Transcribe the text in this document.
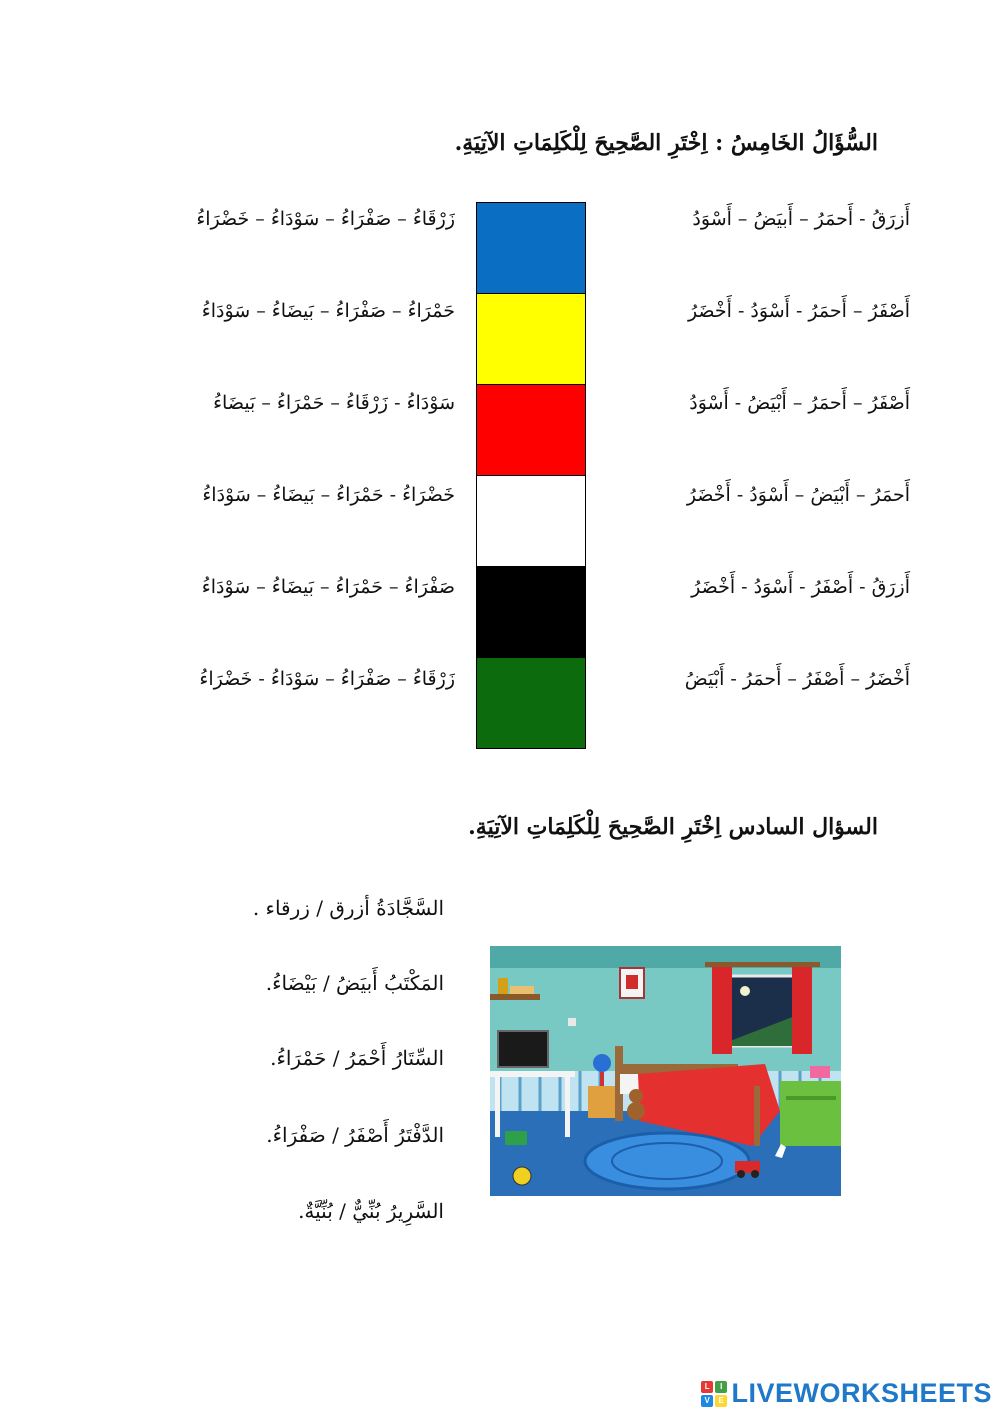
السُّؤَالُ الخَامِسُ : اِخْتَرِ الصَّحِيحَ لِلْكَلِمَاتِ الآتِيَةِ.
أَزرَقُ - أَحمَرُ – أَبيَضُ – أَسْوَدُ
أَصْفَرُ – أَحمَرُ - أَسْوَدُ - أَخْضَرُ
أَصْفَرُ – أَحمَرُ – أَبْيَضُ - أَسْوَدُ
أَحمَرُ – أَبْيَضُ – أَسْوَدُ - أَخْضَرُ
أَزرَقُ - أَصْفَرُ - أَسْوَدُ - أَخْضَرُ
أَخْضَرُ – أَصْفَرُ – أَحمَرُ - أَبْيَضُ
زَرْقَاءُ – صَفْرَاءُ – سَوْدَاءُ – خَضْرَاءُ
حَمْرَاءُ – صَفْرَاءُ – بَيضَاءُ – سَوْدَاءُ
سَوْدَاءُ - زَرْقَاءُ – حَمْرَاءُ – بَيضَاءُ
خَضْرَاءُ - حَمْرَاءُ – بَيضَاءُ – سَوْدَاءُ
صَفْرَاءُ – حَمْرَاءُ – بَيضَاءُ – سَوْدَاءُ
زَرْقَاءُ – صَفْرَاءُ – سَوْدَاءُ - خَضْرَاءُ
السؤال السادس اِخْتَرِ الصَّحِيحَ لِلْكَلِمَاتِ الآتِيَةِ.
السَّجَّادَةُ أزرق / زرقاء .
المَكْتَبُ أَبيَضُ / بَيْضَاءُ.
السِّتَارُ أَحْمَرُ / حَمْرَاءُ.
الدَّفْتَرُ أَصْفَرُ / صَفْرَاءُ.
السَّرِيرُ بُنِّيٌّ / بُنِّيَّةٌ.
L	I
V	E LIVEWORKSHEETS
